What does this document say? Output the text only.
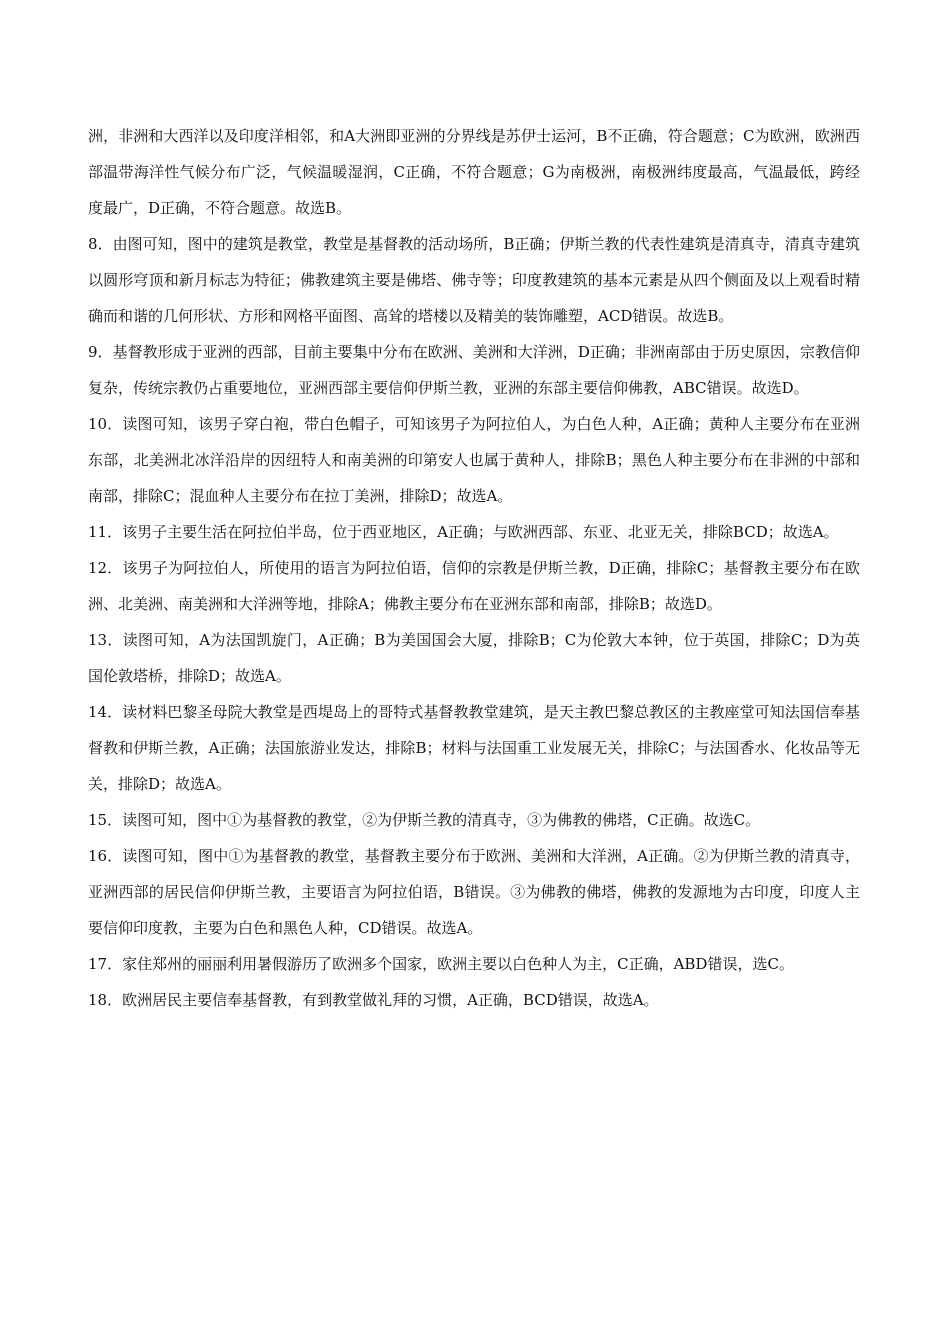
洲，非洲和大西洋以及印度洋相邻，和A大洲即亚洲的分界线是苏伊士运河，B不正确，符合题意；C为欧洲，欧洲西部温带海洋性气候分布广泛，气候温暖湿润，C正确，不符合题意；G为南极洲，南极洲纬度最高，气温最低，跨经度最广，D正确，不符合题意。故选B。

8．由图可知，图中的建筑是教堂，教堂是基督教的活动场所，B正确；伊斯兰教的代表性建筑是清真寺，清真寺建筑以圆形穹顶和新月标志为特征；佛教建筑主要是佛塔、佛寺等；印度教建筑的基本元素是从四个侧面及以上观看时精确而和谐的几何形状、方形和网格平面图、高耸的塔楼以及精美的装饰雕塑，ACD错误。故选B。

9．基督教形成于亚洲的西部，目前主要集中分布在欧洲、美洲和大洋洲，D正确；非洲南部由于历史原因，宗教信仰复杂，传统宗教仍占重要地位，亚洲西部主要信仰伊斯兰教，亚洲的东部主要信仰佛教，ABC错误。故选D。

10．读图可知，该男子穿白袍，带白色帽子，可知该男子为阿拉伯人，为白色人种，A正确；黄种人主要分布在亚洲东部，北美洲北冰洋沿岸的因纽特人和南美洲的印第安人也属于黄种人，排除B；黑色人种主要分布在非洲的中部和南部，排除C；混血种人主要分布在拉丁美洲，排除D；故选A。

11．该男子主要生活在阿拉伯半岛，位于西亚地区，A正确；与欧洲西部、东亚、北亚无关，排除BCD；故选A。

12．该男子为阿拉伯人，所使用的语言为阿拉伯语，信仰的宗教是伊斯兰教，D正确，排除C；基督教主要分布在欧洲、北美洲、南美洲和大洋洲等地，排除A；佛教主要分布在亚洲东部和南部，排除B；故选D。

13．读图可知，A为法国凯旋门，A正确；B为美国国会大厦，排除B；C为伦敦大本钟，位于英国，排除C；D为英国伦敦塔桥，排除D；故选A。

14．读材料巴黎圣母院大教堂是西堤岛上的哥特式基督教教堂建筑，是天主教巴黎总教区的主教座堂可知法国信奉基督教和伊斯兰教，A正确；法国旅游业发达，排除B；材料与法国重工业发展无关，排除C；与法国香水、化妆品等无关，排除D；故选A。

15．读图可知，图中①为基督教的教堂，②为伊斯兰教的清真寺，③为佛教的佛塔，C正确。故选C。

16．读图可知，图中①为基督教的教堂，基督教主要分布于欧洲、美洲和大洋洲，A正确。②为伊斯兰教的清真寺，亚洲西部的居民信仰伊斯兰教，主要语言为阿拉伯语，B错误。③为佛教的佛塔，佛教的发源地为古印度，印度人主要信仰印度教，主要为白色和黑色人种，CD错误。故选A。

17．家住郑州的丽丽利用暑假游历了欧洲多个国家，欧洲主要以白色种人为主，C正确，ABD错误，选C。

18．欧洲居民主要信奉基督教，有到教堂做礼拜的习惯，A正确，BCD错误，故选A。
